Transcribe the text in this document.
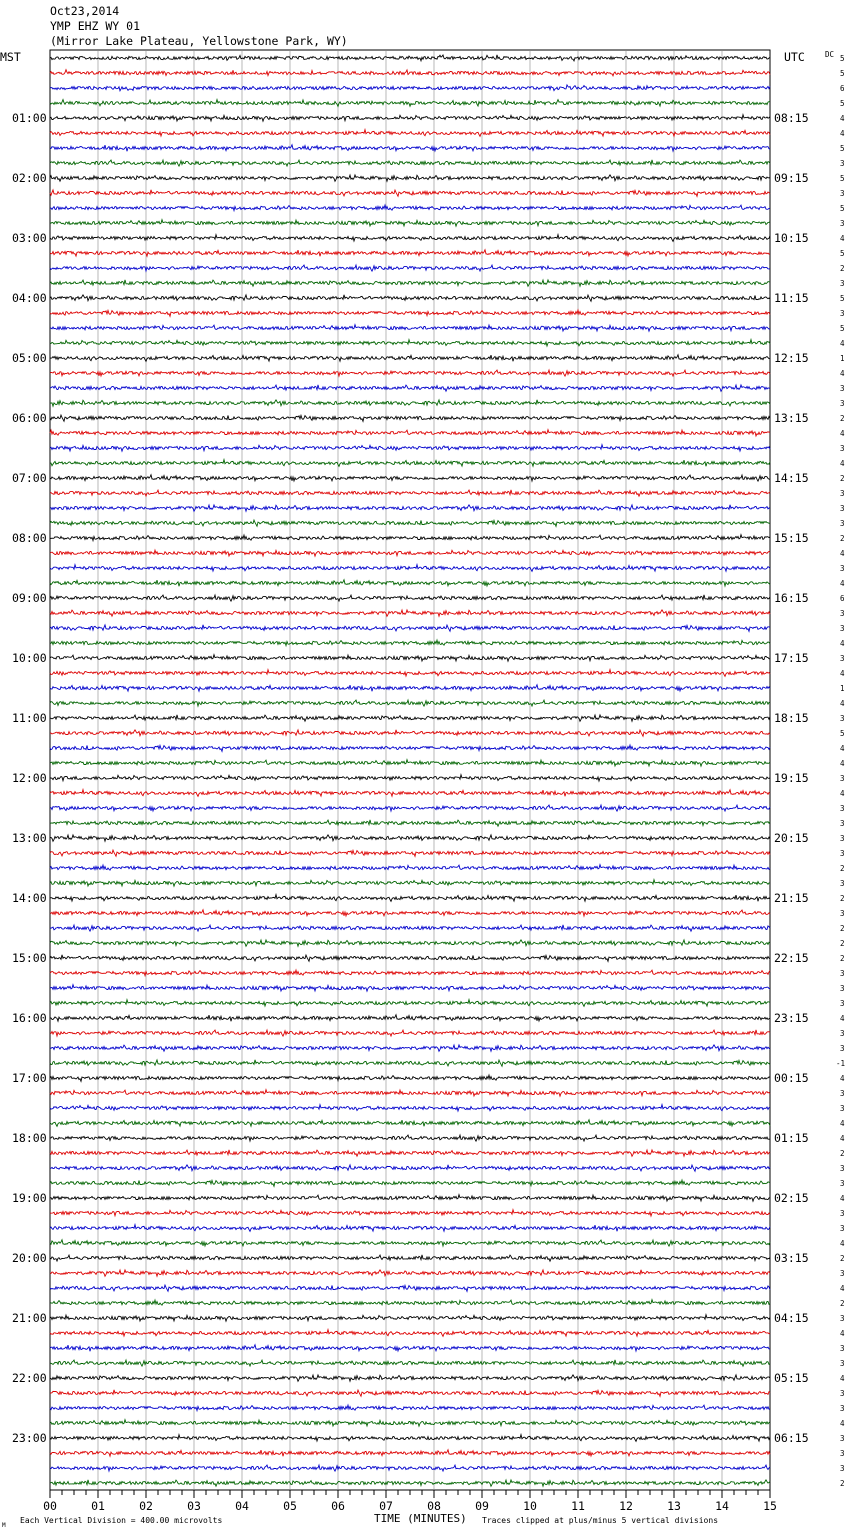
Oct23,2014
YMP EHZ WY 01
(Mirror Lake Plateau, Yellowstone Park, WY)
MST	UTC	DC
01:00
02:00
03:00
04:00
05:00
06:00
07:00
08:00
09:00
10:00
11:00
12:00
13:00
14:00
15:00
16:00
17:00
18:00
19:00
20:00
21:00
22:00
23:00
08:15
09:15
10:15
11:15
12:15
13:15
14:15
15:15
16:15
17:15
18:15
19:15
20:15
21:15
22:15
23:15
00:15
01:15
02:15
03:15
04:15
05:15
06:15
5
5
6
5
4
4
5
3
5
3
5
3
4
5
2
3
5
3
5
4
1
4
3
3
2
4
3
4
2
3
3
3
2
4
3
4
6
3
3
4
3
4
1
4
3
5
4
4
3
4
3
3
3
3
2
3
2
3
2
2
2
3
3
3
4
3
3
-1
4
3
3
4
4
2
3
3
4
3
3
4
2
3
4
2
3
4
3
3
4
3
3
4
3
3
3
2
00	01	02	03	04	05	06	07	08	09	10	11	12	13	14	15
M
Each Vertical Division = 400.00 microvolts	TIME (MINUTES) Traces clipped at plus/minus 5 vertical divisions
